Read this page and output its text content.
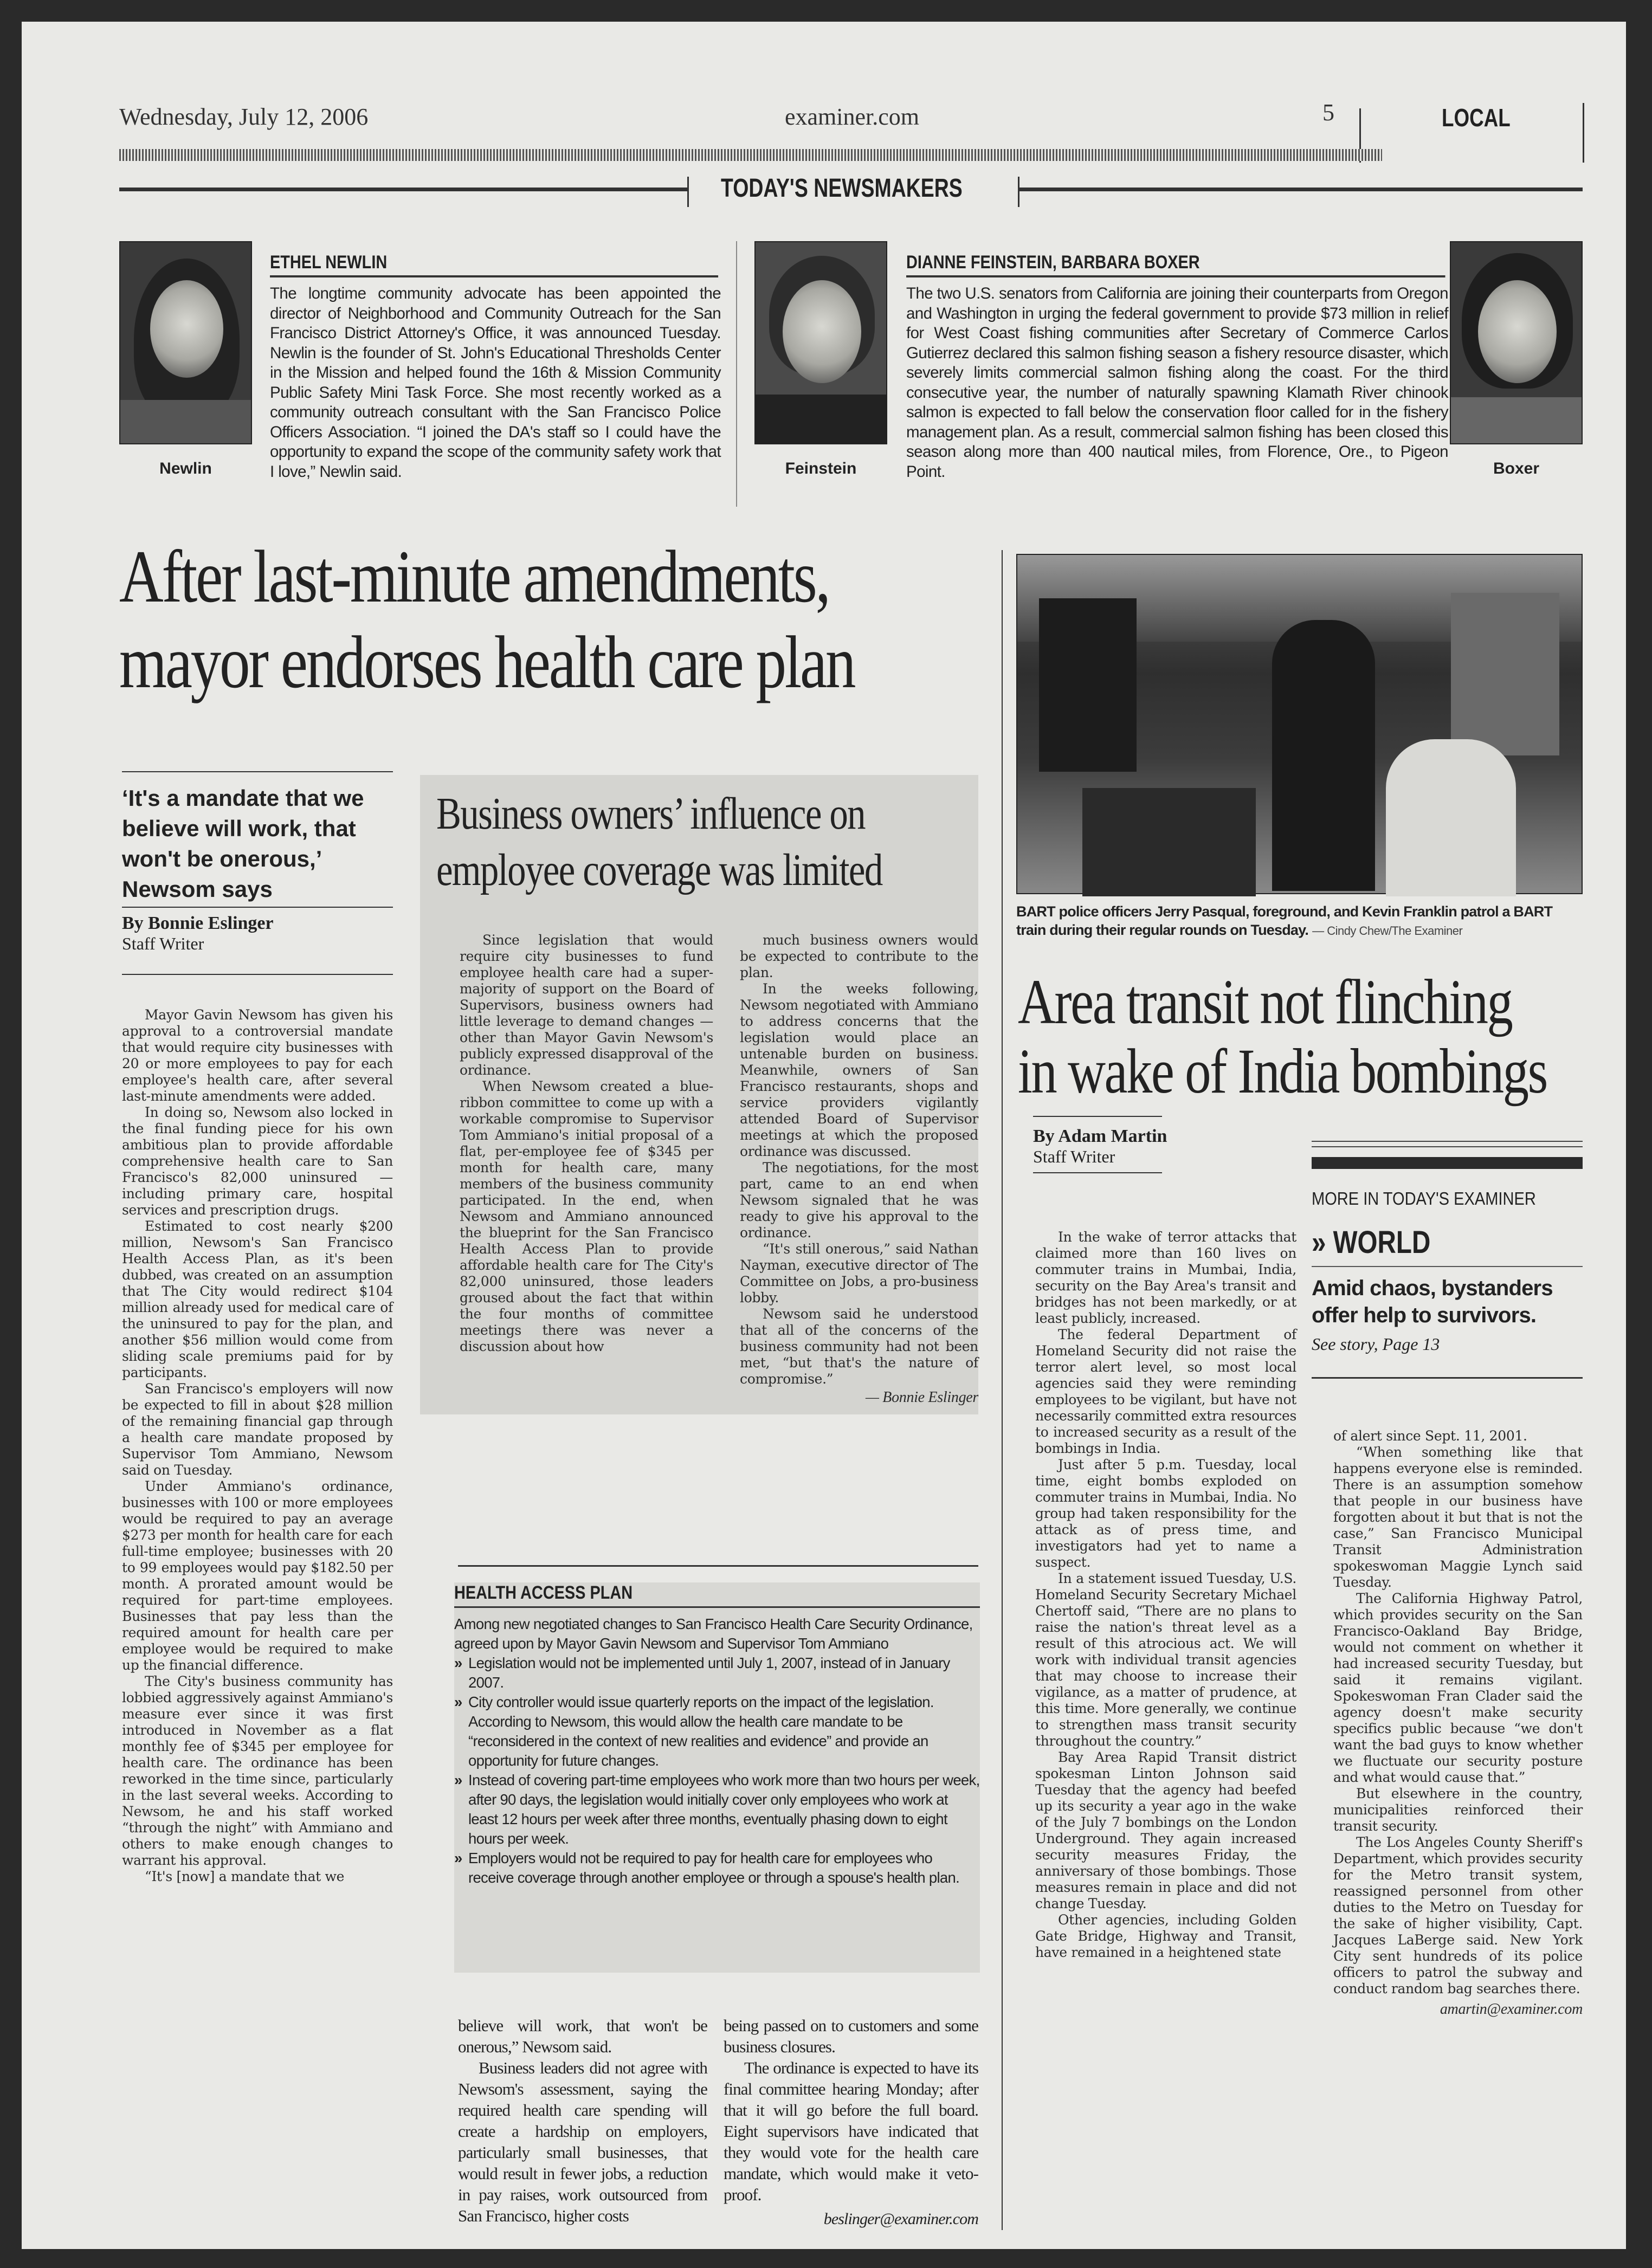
Wednesday, July 12, 2006	examiner.com	5	LOCAL
TODAY'S NEWSMAKERS
Newlin
ETHEL NEWLIN
The longtime community advocate has been appointed the director of Neighborhood and Community Outreach for the San Francisco District Attorney's Office, it was announced Tuesday. Newlin is the founder of St. John's Educational Thresholds Center in the Mission and helped found the 16th & Mission Community Public Safety Mini Task Force. She most recently worked as a community outreach consultant with the San Francisco Police Officers Association. “I joined the DA's staff so I could have the opportunity to expand the scope of the community safety work that I love,” Newlin said.	Feinstein
DIANNE FEINSTEIN, BARBARA BOXER
The two U.S. senators from California are joining their counterparts from Oregon and Washington in urging the federal government to provide $73 million in relief for West Coast fishing communities after Secretary of Commerce Carlos Gutierrez declared this salmon fishing season a fishery resource disaster, which severely limits commercial salmon fishing along the coast. For the third consecutive year, the number of naturally spawning Klamath River chinook salmon is expected to fall below the conservation floor called for in the fishery management plan. As a result, commercial salmon fishing has been closed this season along more than 400 nautical miles, from Florence, Ore., to Pigeon Point.	Boxer
After last-minute amendments,
mayor endorses health care plan
‘It's a mandate that we believe will work, that won't be onerous,’ Newsom says
By Bonnie Eslinger
Staff Writer

Mayor Gavin Newsom has given his approval to a controversial mandate that would require city businesses with 20 or more employees to pay for each employee's health care, after several last-minute amendments were added.

In doing so, Newsom also locked in the final funding piece for his own ambitious plan to provide affordable comprehensive health care to San Francisco's 82,000 uninsured — including primary care, hospital services and prescription drugs.

Estimated to cost nearly $200 million, Newsom's San Francisco Health Access Plan, as it's been dubbed, was created on an assumption that The City would redirect $104 million already used for medical care of the uninsured to pay for the plan, and another $56 million would come from sliding scale premiums paid for by participants.

San Francisco's employers will now be expected to fill in about $28 million of the remaining financial gap through a health care mandate proposed by Supervisor Tom Ammiano, Newsom said on Tuesday.

Under Ammiano's ordinance, businesses with 100 or more employees would be required to pay an average $273 per month for health care for each full-time employee; businesses with 20 to 99 employees would pay $182.50 per month. A prorated amount would be required for part-time employees. Businesses that pay less than the required amount for health care per employee would be required to make up the financial difference.

The City's business community has lobbied aggressively against Ammiano's measure ever since it was first introduced in November as a flat monthly fee of $345 per employee for health care. The ordinance has been reworked in the time since, particularly in the last several weeks. According to Newsom, he and his staff worked “through the night” with Ammiano and others to make enough changes to warrant his approval.

“It's [now] a mandate that we

Business owners’ influence on
employee coverage was limited

Since legislation that would require city businesses to fund employee health care had a super-majority of support on the Board of Supervisors, business owners had little leverage to demand changes — other than Mayor Gavin Newsom's publicly expressed disapproval of the ordinance.

When Newsom created a blue-ribbon committee to come up with a workable compromise to Supervisor Tom Ammiano's initial proposal of a flat, per-employee fee of $345 per month for health care, many members of the business community participated. In the end, when Newsom and Ammiano announced the blueprint for the San Francisco Health Access Plan to provide affordable health care for The City's 82,000 uninsured, those leaders groused about the fact that within the four months of committee meetings there was never a discussion about how

much business owners would be expected to contribute to the plan.

In the weeks following, Newsom negotiated with Ammiano to address concerns that the legislation would place an untenable burden on business. Meanwhile, owners of San Francisco restaurants, shops and service providers vigilantly attended Board of Supervisor meetings at which the proposed ordinance was discussed.

The negotiations, for the most part, came to an end when Newsom signaled that he was ready to give his approval to the ordinance.

“It's still onerous,” said Nathan Nayman, executive director of The Committee on Jobs, a pro-business lobby.

Newsom said he understood that all of the concerns of the business community had not been met, “but that's the nature of compromise.”

— Bonnie Eslinger
HEALTH ACCESS PLAN
Among new negotiated changes to San Francisco Health Care Security Ordinance, agreed upon by Mayor Gavin Newsom and Supervisor Tom Ammiano
» Legislation would not be implemented until July 1, 2007, instead of in January 2007.
» City controller would issue quarterly reports on the impact of the legislation. According to Newsom, this would allow the health care mandate to be “reconsidered in the context of new realities and evidence” and provide an opportunity for future changes.
» Instead of covering part-time employees who work more than two hours per week, after 90 days, the legislation would initially cover only employees who work at least 12 hours per week after three months, eventually phasing down to eight hours per week.
» Employers would not be required to pay for health care for employees who receive coverage through another employee or through a spouse's health plan.

believe will work, that won't be onerous,” Newsom said.

Business leaders did not agree with Newsom's assessment, saying the required health care spending will create a hardship on employers, particularly small businesses, that would result in fewer jobs, a reduction in pay raises, work outsourced from San Francisco, higher costs

being passed on to customers and some business closures.

The ordinance is expected to have its final committee hearing Monday; after that it will go before the full board. Eight supervisors have indicated that they would vote for the health care mandate, which would make it veto-proof.

beslinger@examiner.com
BART police officers Jerry Pasqual, foreground, and Kevin Franklin patrol a BART train during their regular rounds on Tuesday. — Cindy Chew/The Examiner
Area transit not flinching
in wake of India bombings
By Adam Martin
Staff Writer

In the wake of terror attacks that claimed more than 160 lives on commuter trains in Mumbai, India, security on the Bay Area's transit and bridges has not been markedly, or at least publicly, increased.

The federal Department of Homeland Security did not raise the terror alert level, so most local agencies said they were reminding employees to be vigilant, but have not necessarily committed extra resources to increased security as a result of the bombings in India.

Just after 5 p.m. Tuesday, local time, eight bombs exploded on commuter trains in Mumbai, India. No group had taken responsibility for the attack as of press time, and investigators had yet to name a suspect.

In a statement issued Tuesday, U.S. Homeland Security Secretary Michael Chertoff said, “There are no plans to raise the nation's threat level as a result of this atrocious act. We will work with individual transit agencies that may choose to increase their vigilance, as a matter of prudence, at this time. More generally, we continue to strengthen mass transit security throughout the country.”

Bay Area Rapid Transit district spokesman Linton Johnson said Tuesday that the agency had beefed up its security a year ago in the wake of the July 7 bombings on the London Underground. They again increased security measures Friday, the anniversary of those bombings. Those measures remain in place and did not change Tuesday.

Other agencies, including Golden Gate Bridge, Highway and Transit, have remained in a heightened state

MORE IN TODAY'S EXAMINER
» WORLD
Amid chaos, bystanders offer help to survivors.
See story, Page 13

of alert since Sept. 11, 2001.

“When something like that happens everyone else is reminded. There is an assumption somehow that people in our business have forgotten about it but that is not the case,” San Francisco Municipal Transit Administration spokeswoman Maggie Lynch said Tuesday.

The California Highway Patrol, which provides security on the San Francisco-Oakland Bay Bridge, would not comment on whether it had increased security Tuesday, but said it remains vigilant. Spokeswoman Fran Clader said the agency doesn't make security specifics public because “we don't want the bad guys to know whether we fluctuate our security posture and what would cause that.”

But elsewhere in the country, municipalities reinforced their transit security.

The Los Angeles County Sheriff's Department, which provides security for the Metro transit system, reassigned personnel from other duties to the Metro on Tuesday for the sake of higher visibility, Capt. Jacques LaBerge said. New York City sent hundreds of its police officers to patrol the subway and conduct random bag searches there.

amartin@examiner.com
